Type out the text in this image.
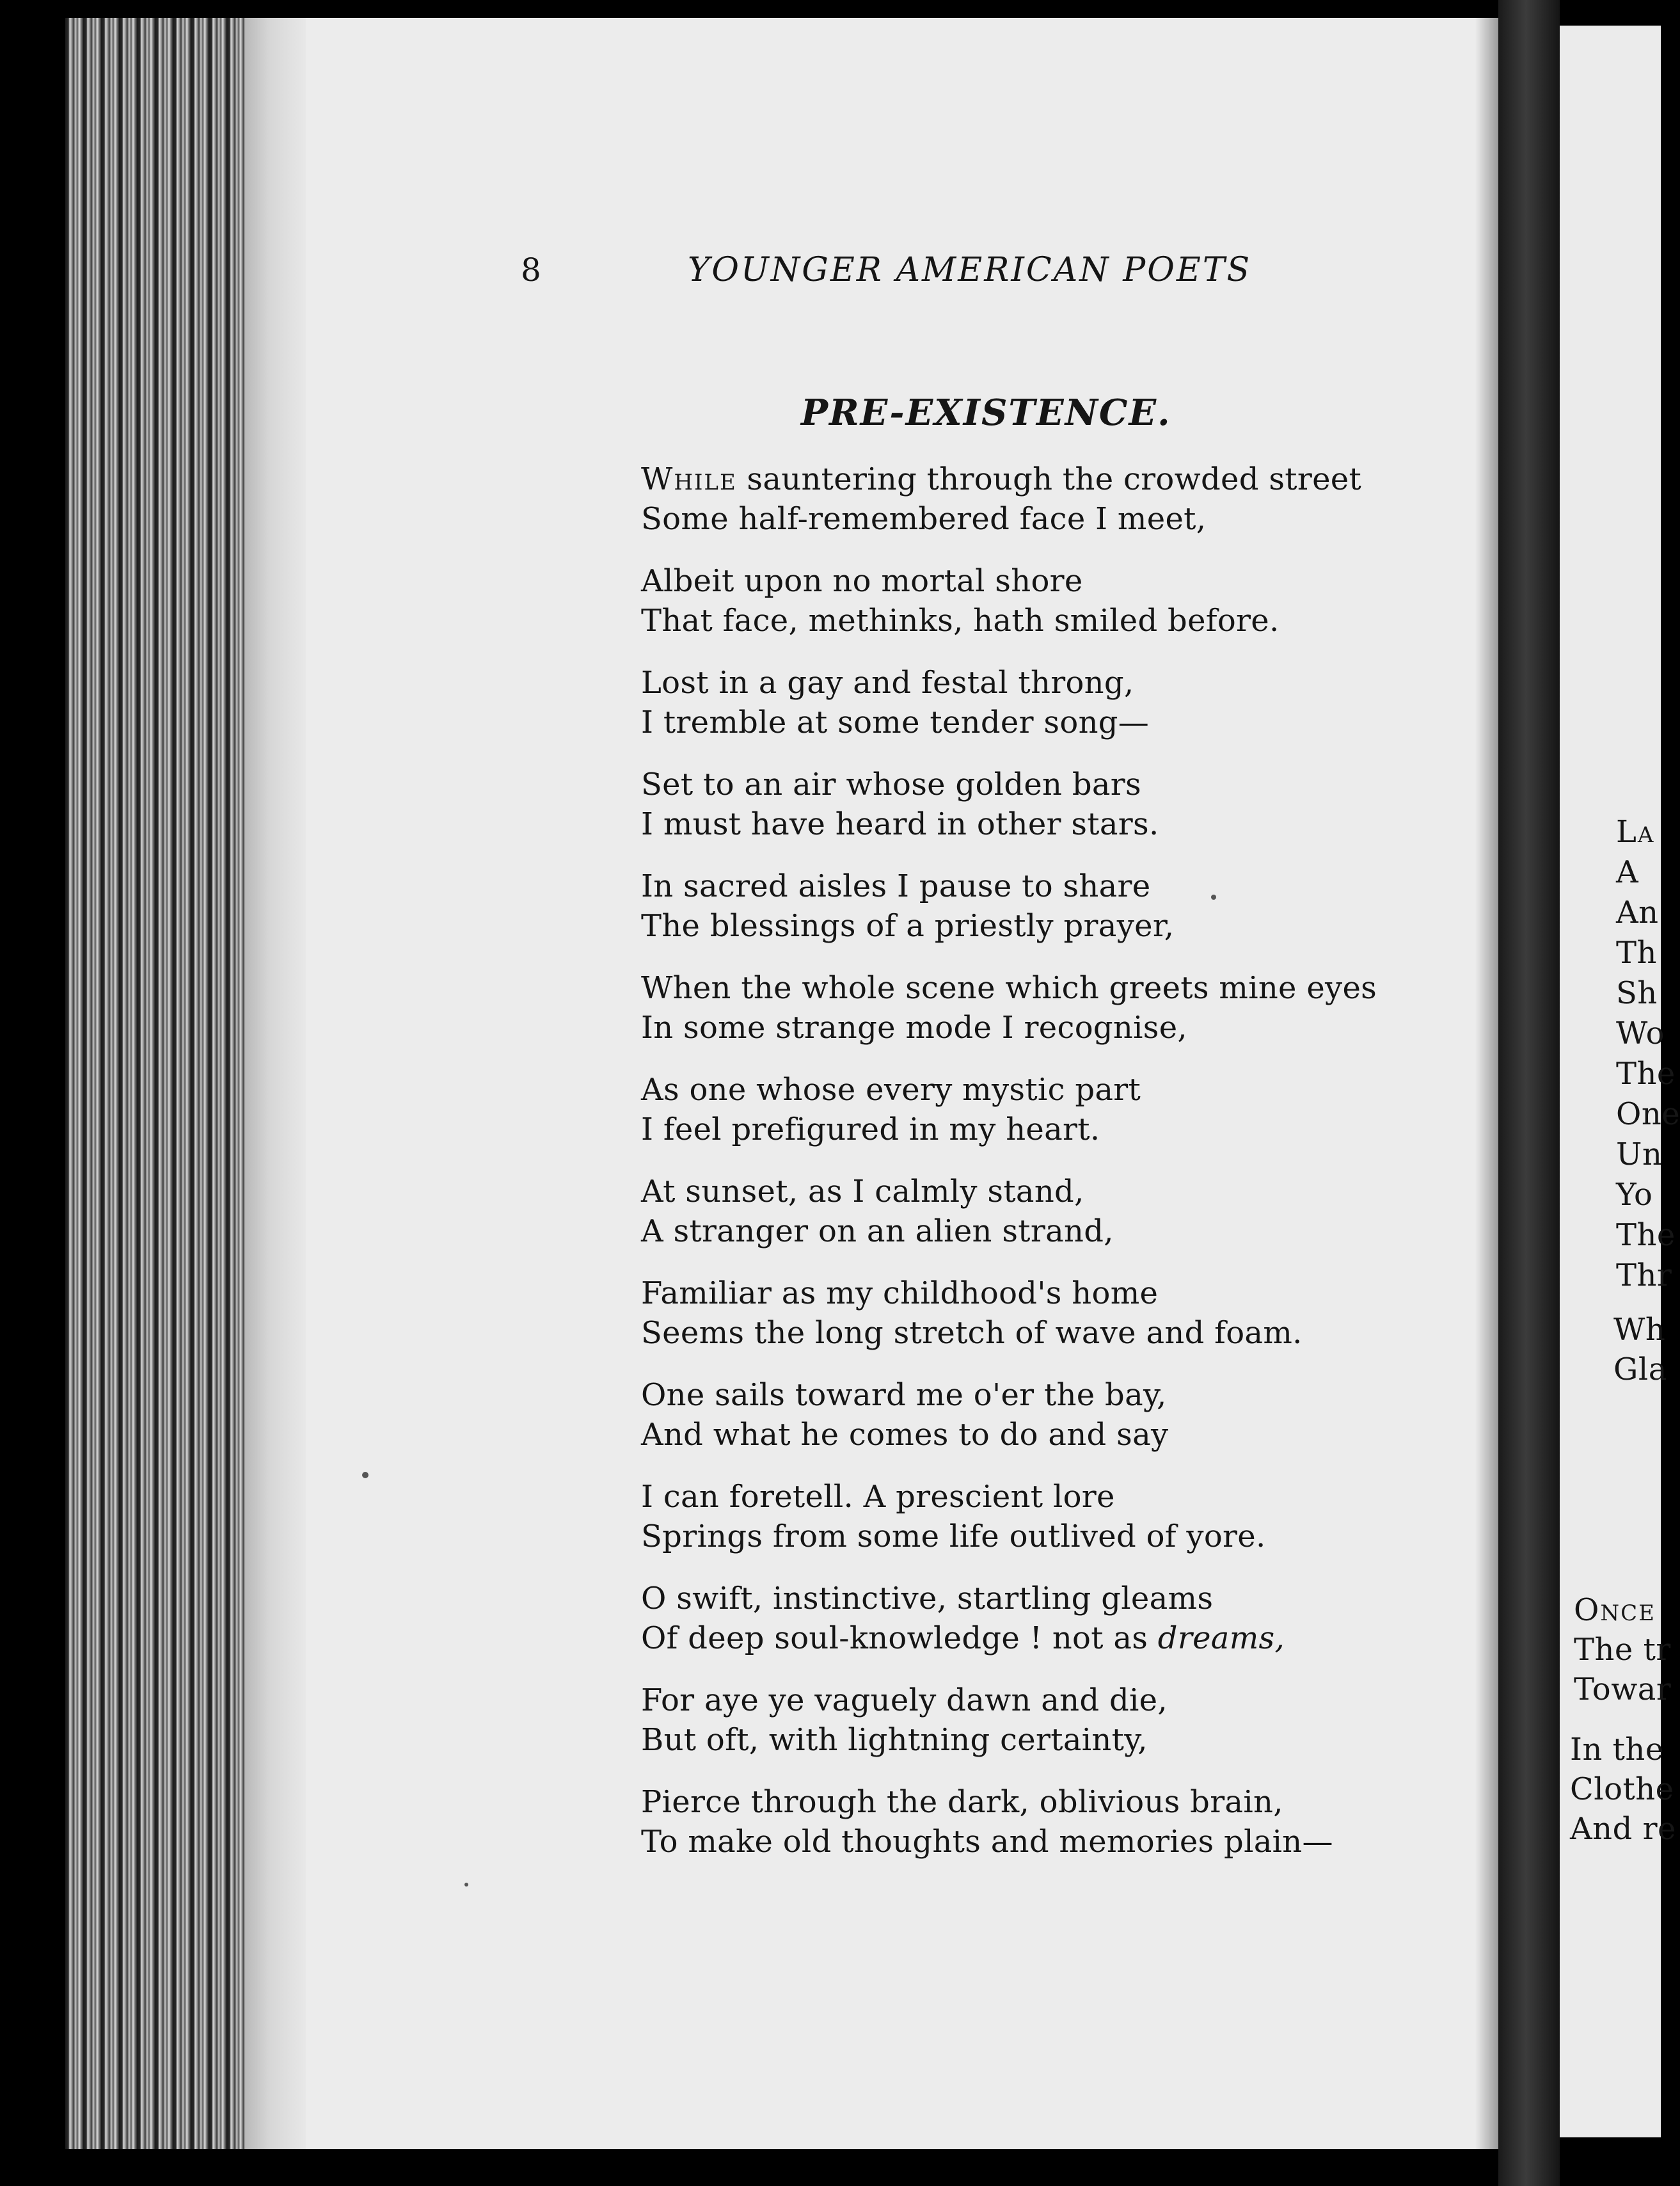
La
A
An
Th
Sh
Wo
The
One
Un
Yo
The
Thr
Wh
Gla
Once
The tr
Towar
In the
Clothe
And re

8	YOUNGER AMERICAN POETS

PRE-EXISTENCE.
While sauntering through the crowded street
Some half-remembered face I meet,
Albeit upon no mortal shore
That face, methinks, hath smiled before.
Lost in a gay and festal throng,
I tremble at some tender song—
Set to an air whose golden bars
I must have heard in other stars.
In sacred aisles I pause to share
The blessings of a priestly prayer,
When the whole scene which greets mine eyes
In some strange mode I recognise,
As one whose every mystic part
I feel prefigured in my heart.
At sunset, as I calmly stand,
A stranger on an alien strand,
Familiar as my childhood's home
Seems the long stretch of wave and foam.
One sails toward me o'er the bay,
And what he comes to do and say
I can foretell. A prescient lore
Springs from some life outlived of yore.
O swift, instinctive, startling gleams
Of deep soul-knowledge ! not as dreams,
For aye ye vaguely dawn and die,
But oft, with lightning certainty,
Pierce through the dark, oblivious brain,
To make old thoughts and memories plain—
